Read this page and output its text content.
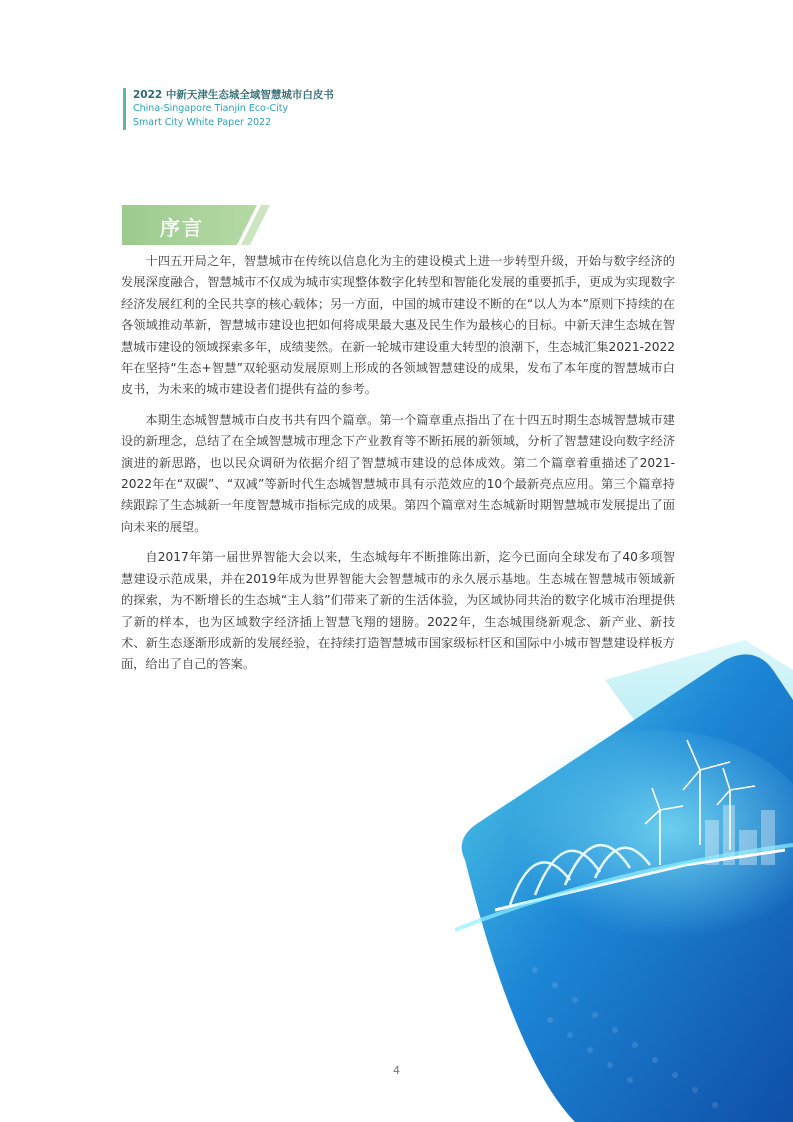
2022 中新天津生态城全域智慧城市白皮书
China-Singapore Tianjin Eco-City
Smart City White Paper 2022
序言

十四五开局之年，智慧城市在传统以信息化为主的建设模式上进一步转型升级，开始与数字经济的发展深度融合，智慧城市不仅成为城市实现整体数字化转型和智能化发展的重要抓手，更成为实现数字经济发展红利的全民共享的核心载体；另一方面，中国的城市建设不断的在“以人为本”原则下持续的在各领域推动革新，智慧城市建设也把如何将成果最大惠及民生作为最核心的目标。中新天津生态城在智慧城市建设的领域探索多年，成绩斐然。在新一轮城市建设重大转型的浪潮下，生态城汇集2021-2022年在坚持“生态+智慧”双轮驱动发展原则上形成的各领域智慧建设的成果，发布了本年度的智慧城市白皮书，为未来的城市建设者们提供有益的参考。

本期生态城智慧城市白皮书共有四个篇章。第一个篇章重点指出了在十四五时期生态城智慧城市建设的新理念，总结了在全域智慧城市理念下产业教育等不断拓展的新领域，分析了智慧建设向数字经济演进的新思路，也以民众调研为依据介绍了智慧城市建设的总体成效。第二个篇章着重描述了2021-2022年在“双碳”、“双减”等新时代生态城智慧城市具有示范效应的10个最新亮点应用。第三个篇章持续跟踪了生态城新一年度智慧城市指标完成的成果。第四个篇章对生态城新时期智慧城市发展提出了面向未来的展望。

自2017年第一届世界智能大会以来，生态城每年不断推陈出新，迄今已面向全球发布了40多项智慧建设示范成果，并在2019年成为世界智能大会智慧城市的永久展示基地。生态城在智慧城市领域新的探索，为不断增长的生态城“主人翁”们带来了新的生活体验，为区域协同共治的数字化城市治理提供了新的样本，也为区域数字经济插上智慧飞翔的翅膀。2022年，生态城围绕新观念、新产业、新技术、新生态逐渐形成新的发展经验，在持续打造智慧城市国家级标杆区和国际中小城市智慧建设样板方面，给出了自己的答案。

4
